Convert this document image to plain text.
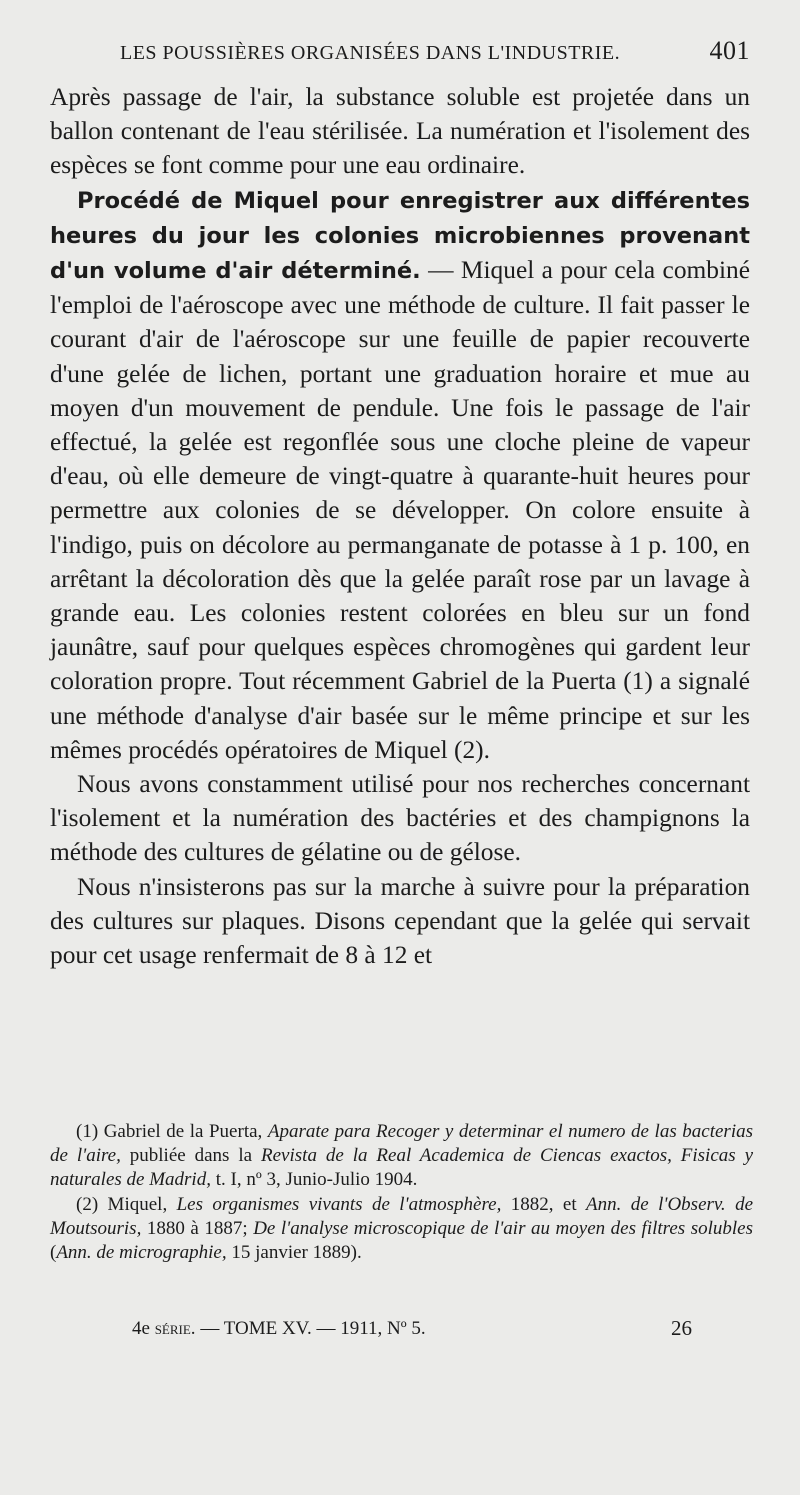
LES POUSSIÈRES ORGANISÉES DANS L'INDUSTRIE.	401

Après passage de l'air, la substance soluble est projetée dans un ballon contenant de l'eau stérilisée. La numération et l'isolement des espèces se font comme pour une eau ordinaire.

Procédé de Miquel pour enregistrer aux différentes heures du jour les colonies microbiennes provenant d'un volume d'air déterminé. — Miquel a pour cela combiné l'emploi de l'aéroscope avec une méthode de culture. Il fait passer le courant d'air de l'aéroscope sur une feuille de papier recouverte d'une gelée de lichen, portant une graduation horaire et mue au moyen d'un mouvement de pendule. Une fois le passage de l'air effectué, la gelée est regonflée sous une cloche pleine de vapeur d'eau, où elle demeure de vingt-quatre à quarante-huit heures pour permettre aux colonies de se développer. On colore ensuite à l'indigo, puis on décolore au permanganate de potasse à 1 p. 100, en arrêtant la décoloration dès que la gelée paraît rose par un lavage à grande eau. Les colonies restent colorées en bleu sur un fond jaunâtre, sauf pour quelques espèces chromogènes qui gardent leur coloration propre. Tout récemment Gabriel de la Puerta (1) a signalé une méthode d'analyse d'air basée sur le même principe et sur les mêmes procédés opératoires de Miquel (2).

Nous avons constamment utilisé pour nos recherches concernant l'isolement et la numération des bactéries et des champignons la méthode des cultures de gélatine ou de gélose.

Nous n'insisterons pas sur la marche à suivre pour la préparation des cultures sur plaques. Disons cependant que la gelée qui servait pour cet usage renfermait de 8 à 12 et

(1) Gabriel de la Puerta, Aparate para Recoger y determinar el numero de las bacterias de l'aire, publiée dans la Revista de la Real Academica de Ciencas exactos, Fisicas y naturales de Madrid, t. I, nº 3, Junio-Julio 1904.

(2) Miquel, Les organismes vivants de l'atmosphère, 1882, et Ann. de l'Observ. de Moutsouris, 1880 à 1887; De l'analyse microscopique de l'air au moyen des filtres solubles (Ann. de micrographie, 15 janvier 1889).

4e série. — TOME XV. — 1911, Nº 5.	26
